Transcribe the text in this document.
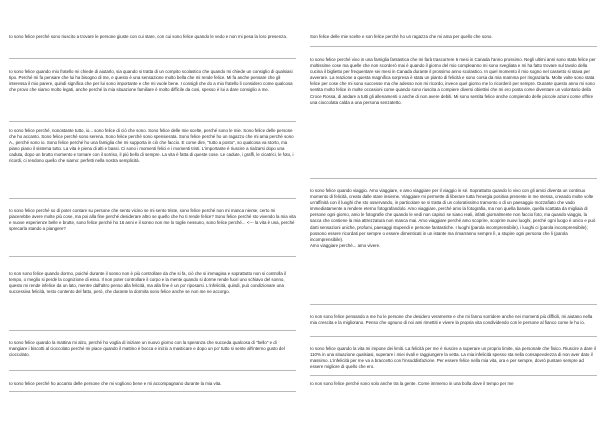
Io sono felice perché sono riuscito a trovare le persone giuste con cui stare, con cui sono felice quando le vedo e non mi pesa la loro presenza.

Io sono felice quando mio fratello mi chiede di aiutarlo, sia quando si tratta di un compito scolastico che quando mi chiede un consiglio di qualsiasi tipo. Perché mi fa pensare che lui ha bisogno di me, e questo è una sensazione molto bella che mi rende felice. Mi fa anche pensare che gli interessa il mio parere, quindi significa che per lui sono importante e che mi vuole bene. I consigli che do a mio fratello li considero come qualcosa che provo che siamo molto legati, anche perché la mia situazione familiare è molto difficile da cosi, spesso è lui a dare consiglio a me.

Io sono felice perché, nonostante tutto, io... sono felice di ciò che sono. Sono felice delle mie scelte, perché sono le mie. Sono felice delle persone che ho accanto. Sono felice perché sono serena. Sono felice perché sono spensierata. Sono felice perché ho un ragazzo che mi ama perché sono A., perché sono io. Sono felice perché ho una famiglia che mi supporta in ciò che faccio. E come dire, "tutto a posto", so qualcosa va storto, ma piano piano il sistema tutto. La vita è piena di alti e bassi. Ci sono i momenti felici e i momenti tristi. L'importante è riuscire a rialzarsi dopo una caduta, dopo un brutto momento e tornare con il sorriso, il più bello di sempre. La vita è fatta di queste cose. Le cadute, i graffi, le cicatrici, le foto, i ricordi, ci rendono quello che siamo: perfetti nella nostra semplicità.

Io sono felice perché so di poter contare su persone che sento vicino se mi sento triste, sono felice perché non mi manca niente, certo mi piacerebbe avere molte più cose, ma poi alla fine perché desiderare altro se quello che ho ti rende felice? Sono felice perché sto vivendo la mia vita e nuove esperienze belle e brutte, sono felice perché ho 16 anni e il sonno non me lo toglie nessuno, sono felice perché... <--- la vita è una, perché sprecarla stando a piangere?

Io non sono felice quando dormo, poiché durante il sonno non è più controllare da che si fa, ciò che si immagina e soprattutto non si controlla il tempo, o meglio si perde la cognizione di esso. Il non poter controllare il corpo e la mente quando si dorme rende fuori uno schiavo del sonno, questo mi rende infelice da un lato, mentre dall'altro penso alla felicità, ma alla fine è un po' riposarsi. L'infelicità, quindi, può condizionare una successiva felicità, resto contento del fatto, però, che durante la dormita sono felice anche se non me ne accorgo.

Io sono felice quando la mattina mi alzo, perché ho voglia di iniziare un nuovo giorno con la speranza che succeda qualcosa di "bello" e di mangiare i biscotti al cioccolato perché mi piace quando il mattino è bocca e inizio a masticare e dopo un po' tutto si sente all'interno gusto del cioccolato.

Io sono felice perché ho accanto delle persone che mi vogliono bene e mi accompagnano durante la mia vita.

Son felice delle mie scelte e son felice perché ho un ragazza che mi ama per quello che sono.

Io sono felice perché vivo in una famiglia fantastica che mi farà trascorrere 6 mesi in Canada l'anno prossimo. Negli ultimi anni sono stata felice per moltissime cose ma quelle che non scorderò mai è quando il giorno del mio compleanno mi sono svegliata e mi ha fatto trovare sul tavolo della cucina il biglietto per frequentare sei mesi in Canada durante il prossimo anno scolastico. In quel momento il mio sogno nel cassetto si stava per avverare. La reazione a questa magnifica sorpresa è stata un pianto di felicità e sono corsa da mia mamma per ringraziarla. Molte volte sono stata felice per cose che mi sono successe ma che adesso non mi ricordo, invece quel giorno me lo ricorderò per sempre. Durante questo anno mi sono sentita molto felice in molte occasioni come quando sono riuscita a compiere diversi obiettivi che mi ero posta come diventare un volontario della Croce Rossa, di andare a tutti gli allenamenti o anche di non avere debiti. Mi sono sentita felice anche compiendo delle piccole azioni come offrire una cioccolata calda a una persona senzatetto.

Io sono felice quando viaggio. Amo viaggiare, e amo viaggiare per il viaggio in sé. Soprattutto quando lo vivo con gli amici diventa un continuo momento di felicità, creato dalle stare insieme. Viaggiare mi permette di liberare tutta l'energia positiva presente in me stessa, creando molte volte un'affinità con il luoghi che sto osservando, in particolare se si tratta di un coloratissimo tramonto o di un paesaggio mozzafiato che vado immediatamente a rendere eterno fotografandolo. Amo viaggiare, perché amo la fotografia, ma non quella banale, quella scattata da migliaia di persone ogni giorno, amo le fotografie che quando le vedi non capisci se siano reali, infatti giornalmente non faccio foto, ma quando viaggio, la sacca che contiene la mia attrezzatura non manca mai. Amo viaggiare perché amo scoprire, scoprire nuovi luoghi, perché ogni luogo è unico e può darti sensazioni uniche, profumi, paesaggi stupendi e persone fantastiche. I luoghi (parola incomprensibile), i luoghi ci (parola incomprensibile); possono essere ricordati per sempre o essere dimenticati in un istante ma rimarranno sempre lì, a stupire ogni persona che li (parola incomprensibile).
Amo viaggiare perché... amo vivere.

Io non sono felice pensando a me ho le persone che desidero veramente e che mi fanno sorridere anche nei momenti più difficili, mi aiutano nella mia crescita e la migliorano. Penso che ognuno di noi ami rimettiti e vivere la propria vita condividendo con le persone al fianco come le ho io.

Io sono felice quando la vita mi impone dei limiti. La felicità per me è riuscire a superare un proprio limite, sia personale che fisico. Riuscire a dare il 110% in una situazione qualsiasi, superare i miei rivali e raggiungere la vetta. La mia infelicità spesso sta nella consapevolezza di non aver dato il massimo. L'infelicità per me va a braccetto con l'insoddisfazione. Per essere felice nella mia vita, ora e per sempre, dovrò puntare sempre ad essere migliore di quello che ero.

Io non sono felice perché sono solo anche tra la gente. Come immerso in una bolla dove il tempo per me
